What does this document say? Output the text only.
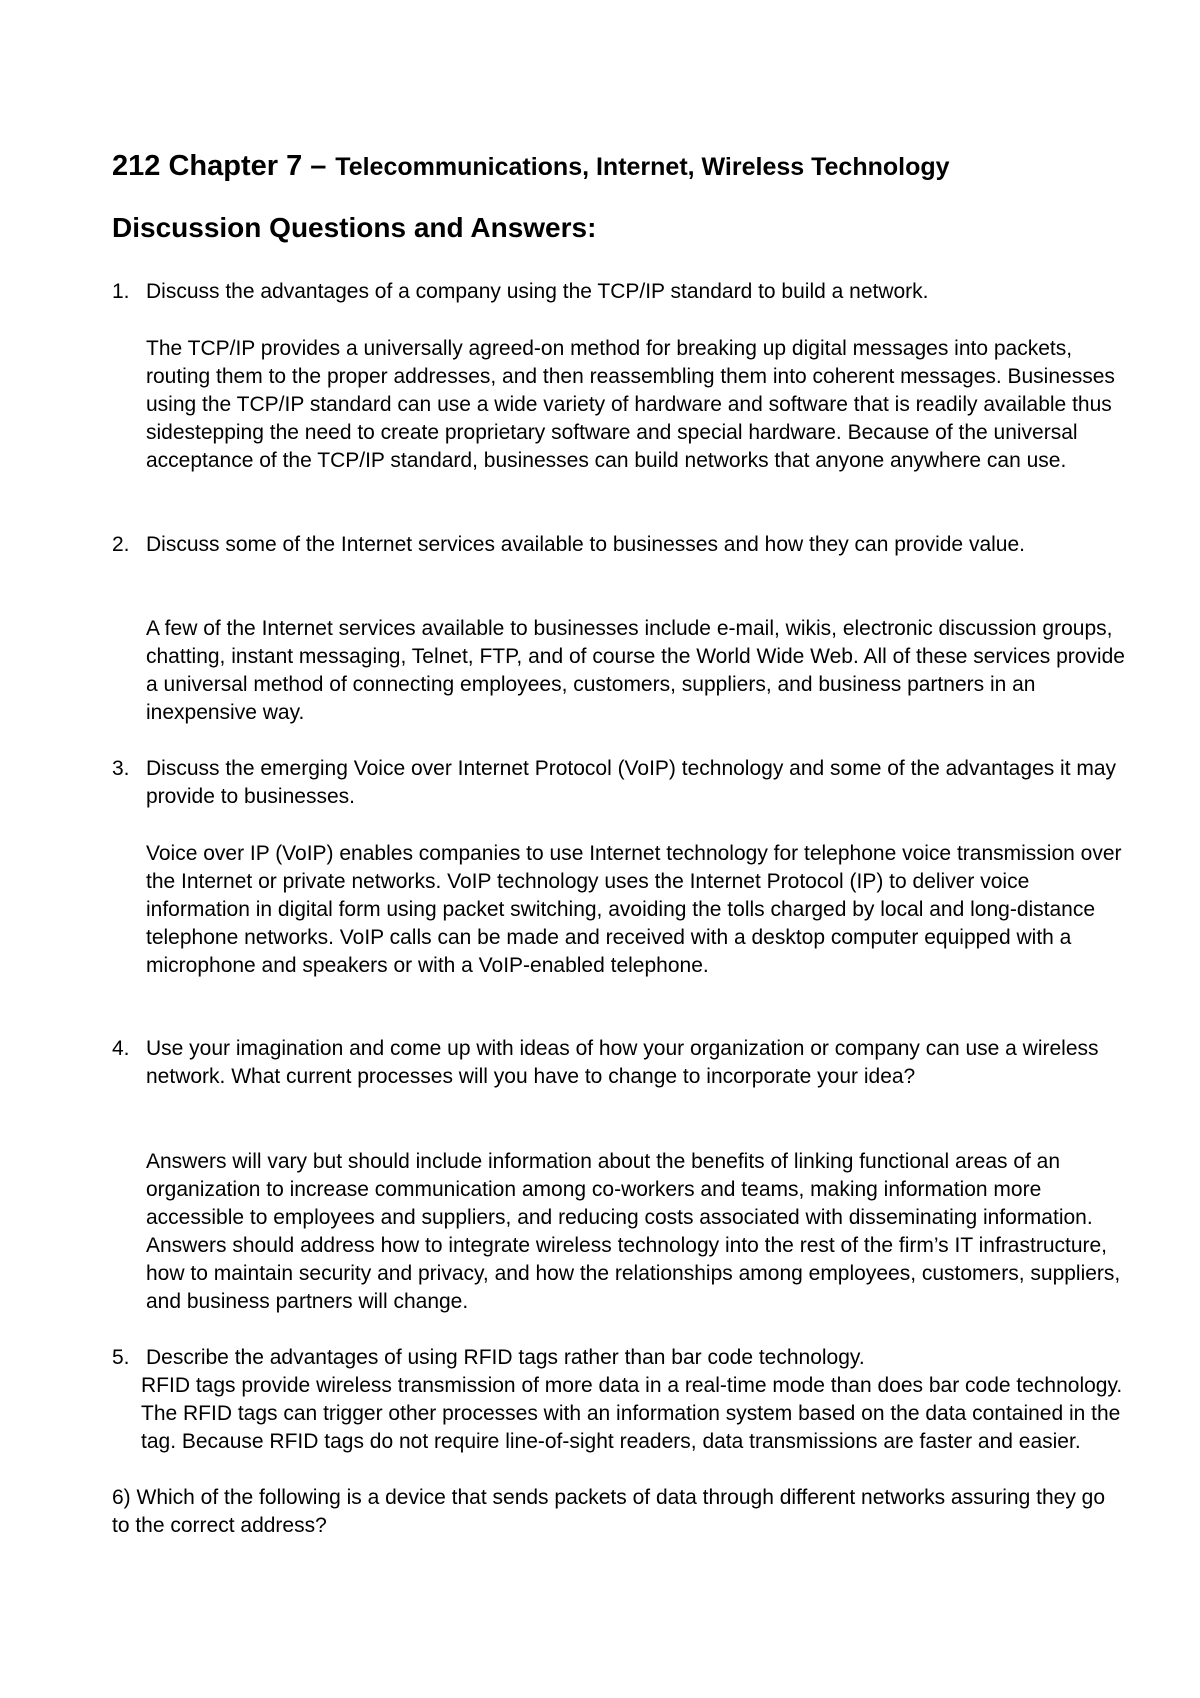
212 Chapter 7 – Telecommunications, Internet, Wireless Technology
Discussion Questions and Answers:
1. Discuss the advantages of a company using the TCP/IP standard to build a network.

The TCP/IP provides a universally agreed-on method for breaking up digital messages into packets, routing them to the proper addresses, and then reassembling them into coherent messages. Businesses using the TCP/IP standard can use a wide variety of hardware and software that is readily available thus sidestepping the need to create proprietary software and special hardware. Because of the universal acceptance of the TCP/IP standard, businesses can build networks that anyone anywhere can use.

2. Discuss some of the Internet services available to businesses and how they can provide value.

A few of the Internet services available to businesses include e-mail, wikis, electronic discussion groups, chatting, instant messaging, Telnet, FTP, and of course the World Wide Web. All of these services provide a universal method of connecting employees, customers, suppliers, and business partners in an inexpensive way.

3. Discuss the emerging Voice over Internet Protocol (VoIP) technology and some of the advantages it may provide to businesses.

Voice over IP (VoIP) enables companies to use Internet technology for telephone voice transmission over the Internet or private networks. VoIP technology uses the Internet Protocol (IP) to deliver voice information in digital form using packet switching, avoiding the tolls charged by local and long-distance telephone networks. VoIP calls can be made and received with a desktop computer equipped with a microphone and speakers or with a VoIP-enabled telephone.

4. Use your imagination and come up with ideas of how your organization or company can use a wireless network. What current processes will you have to change to incorporate your idea?

Answers will vary but should include information about the benefits of linking functional areas of an organization to increase communication among co-workers and teams, making information more accessible to employees and suppliers, and reducing costs associated with disseminating information. Answers should address how to integrate wireless technology into the rest of the firm’s IT infrastructure, how to maintain security and privacy, and how the relationships among employees, customers, suppliers, and business partners will change.

5. Describe the advantages of using RFID tags rather than bar code technology.

RFID tags provide wireless transmission of more data in a real-time mode than does bar code technology. The RFID tags can trigger other processes with an information system based on the data contained in the tag. Because RFID tags do not require line-of-sight readers, data transmissions are faster and easier.

6) Which of the following is a device that sends packets of data through different networks assuring they go to the correct address?
